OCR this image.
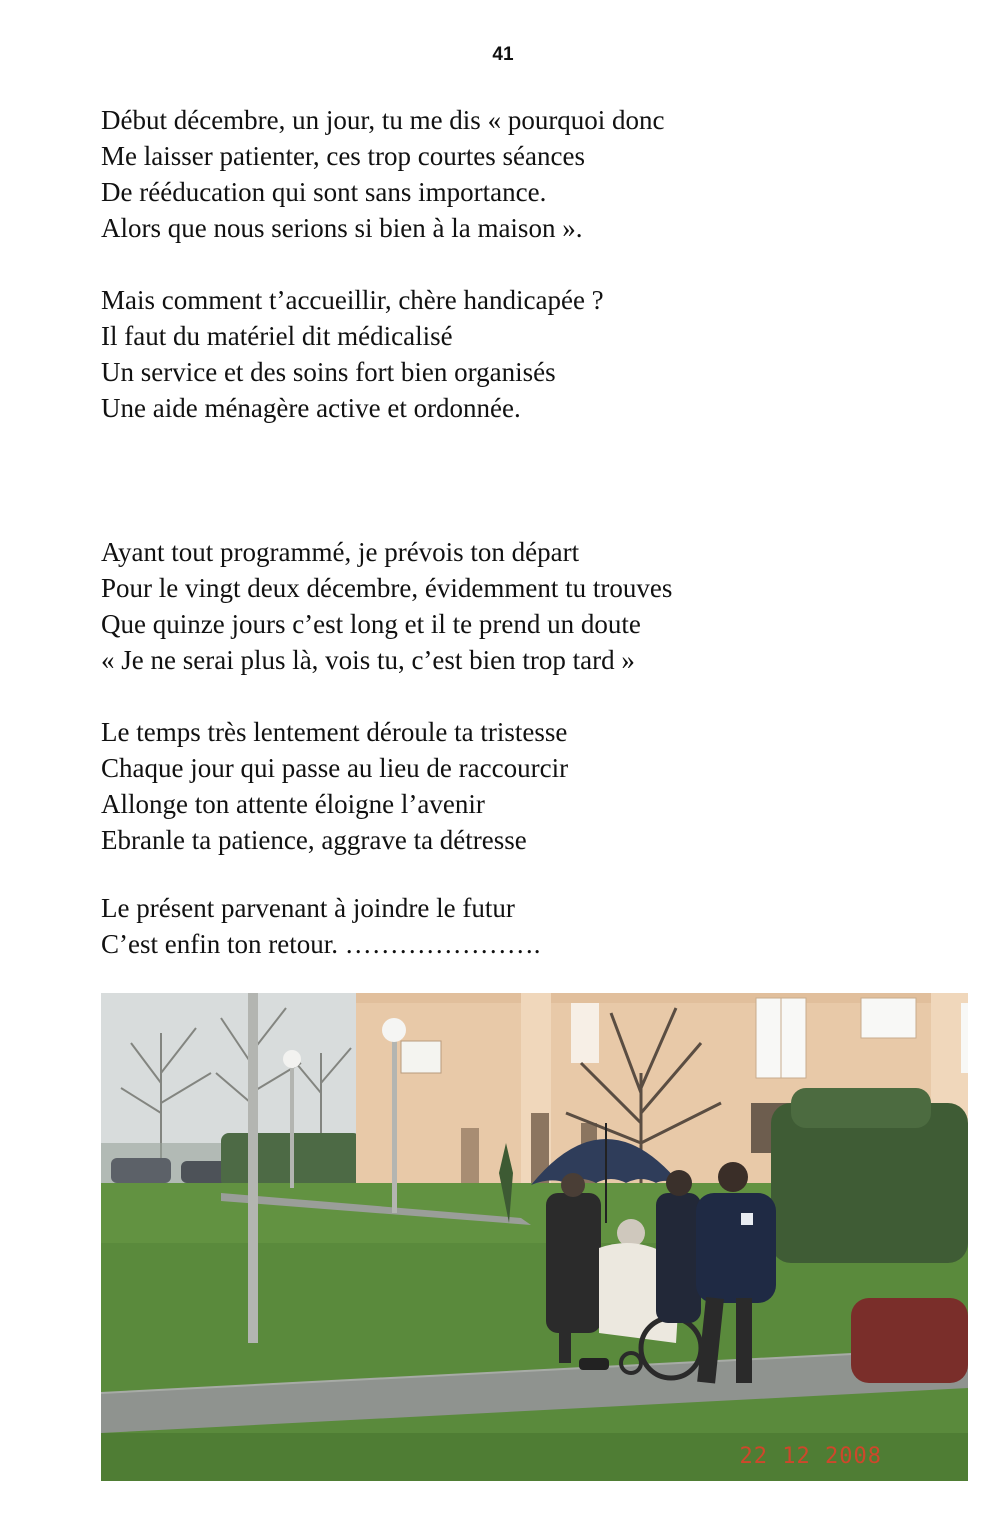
41
Début décembre, un jour, tu me dis « pourquoi donc
Me laisser patienter, ces trop courtes séances
De rééducation qui sont sans importance.
Alors que nous serions si bien à la maison ».
Mais comment t’accueillir, chère handicapée ?
Il faut du matériel dit médicalisé
Un service et des soins fort bien organisés
Une aide ménagère active et ordonnée.
Ayant tout programmé, je prévois ton départ
Pour le vingt deux décembre, évidemment tu trouves
Que quinze jours c’est long et il te prend un doute
« Je ne serai plus là, vois tu, c’est bien trop tard »
Le temps très lentement déroule ta tristesse
Chaque jour qui passe au lieu de raccourcir
Allonge ton attente éloigne l’avenir
Ebranle ta patience, aggrave ta détresse
Le présent parvenant à joindre le futur
C’est enfin ton retour. ………………….
22 12 2008
